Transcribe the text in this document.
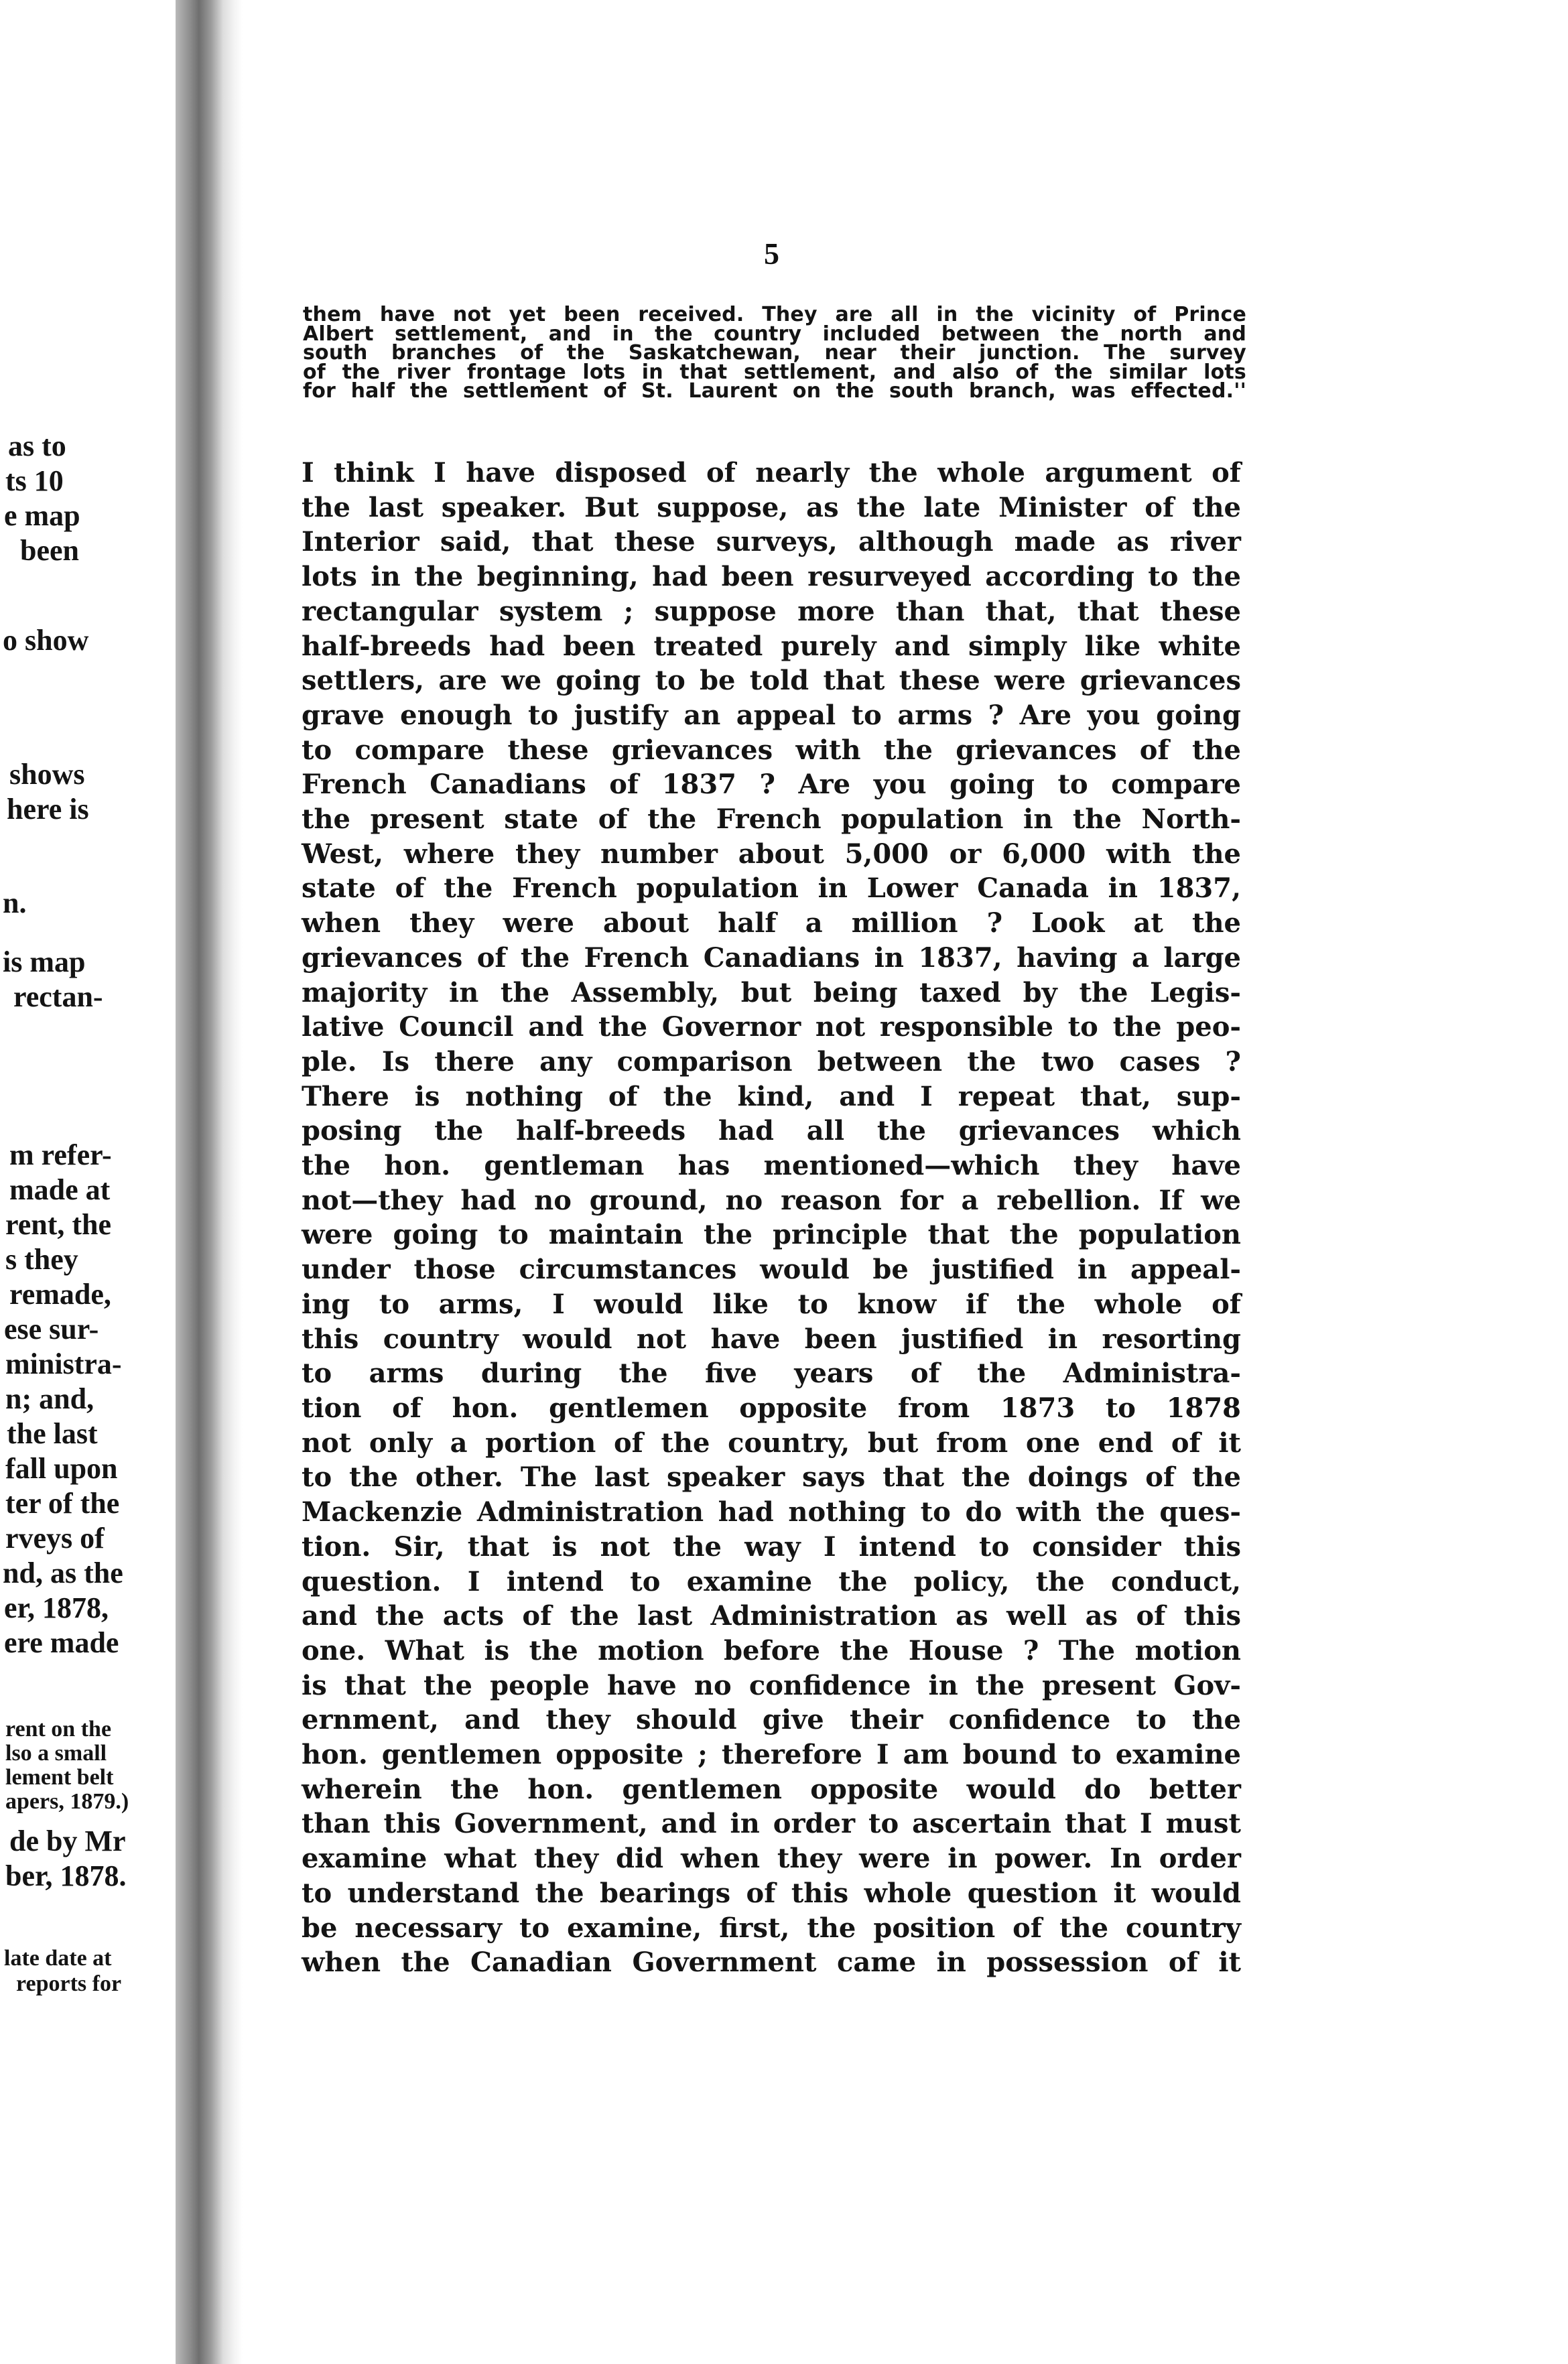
as to
ts 10
e map
been
o show
shows
here is
n.
is map
rectan-
m refer-
made at
rent, the
s they
remade,
ese sur-
ministra-
n; and,
the last
fall upon
ter of the
rveys of
nd, as the
er, 1878,
ere made
rent on the
lso a small
lement belt
apers, 1879.)
de by Mr
ber, 1878.
late date at
reports for
5
them have not yet been received. They are all in the vicinity of Prince
Albert settlement, and in the country included between the north and
south branches of the Saskatchewan, near their junction. The survey
of the river frontage lots in that settlement, and also of the similar lots
for half the settlement of St. Laurent on the south branch, was effected.''
I think I have disposed of nearly the whole argument of
the last speaker. But suppose, as the late Minister of the
Interior said, that these surveys, although made as river
lots in the beginning, had been resurveyed according to the
rectangular system ; suppose more than that, that these
half-breeds had been treated purely and simply like white
settlers, are we going to be told that these were grievances
grave enough to justify an appeal to arms ? Are you going
to compare these grievances with the grievances of the
French Canadians of 1837 ? Are you going to compare
the present state of the French population in the North-
West, where they number about 5,000 or 6,000 with the
state of the French population in Lower Canada in 1837,
when they were about half a million ? Look at the
grievances of the French Canadians in 1837, having a large
majority in the Assembly, but being taxed by the Legis-
lative Council and the Governor not responsible to the peo-
ple. Is there any comparison between the two cases ?
There is nothing of the kind, and I repeat that, sup-
posing the half-breeds had all the grievances which
the hon. gentleman has mentioned—which they have
not—they had no ground, no reason for a rebellion. If we
were going to maintain the principle that the population
under those circumstances would be justified in appeal-
ing to arms, I would like to know if the whole of
this country would not have been justified in resorting
to arms during the five years of the Administra-
tion of hon. gentlemen opposite from 1873 to 1878
not only a portion of the country, but from one end of it
to the other. The last speaker says that the doings of the
Mackenzie Administration had nothing to do with the ques-
tion. Sir, that is not the way I intend to consider this
question. I intend to examine the policy, the conduct,
and the acts of the last Administration as well as of this
one. What is the motion before the House ? The motion
is that the people have no confidence in the present Gov-
ernment, and they should give their confidence to the
hon. gentlemen opposite ; therefore I am bound to examine
wherein the hon. gentlemen opposite would do better
than this Government, and in order to ascertain that I must
examine what they did when they were in power. In order
to understand the bearings of this whole question it would
be necessary to examine, first, the position of the country
when the Canadian Government came in possession of it
